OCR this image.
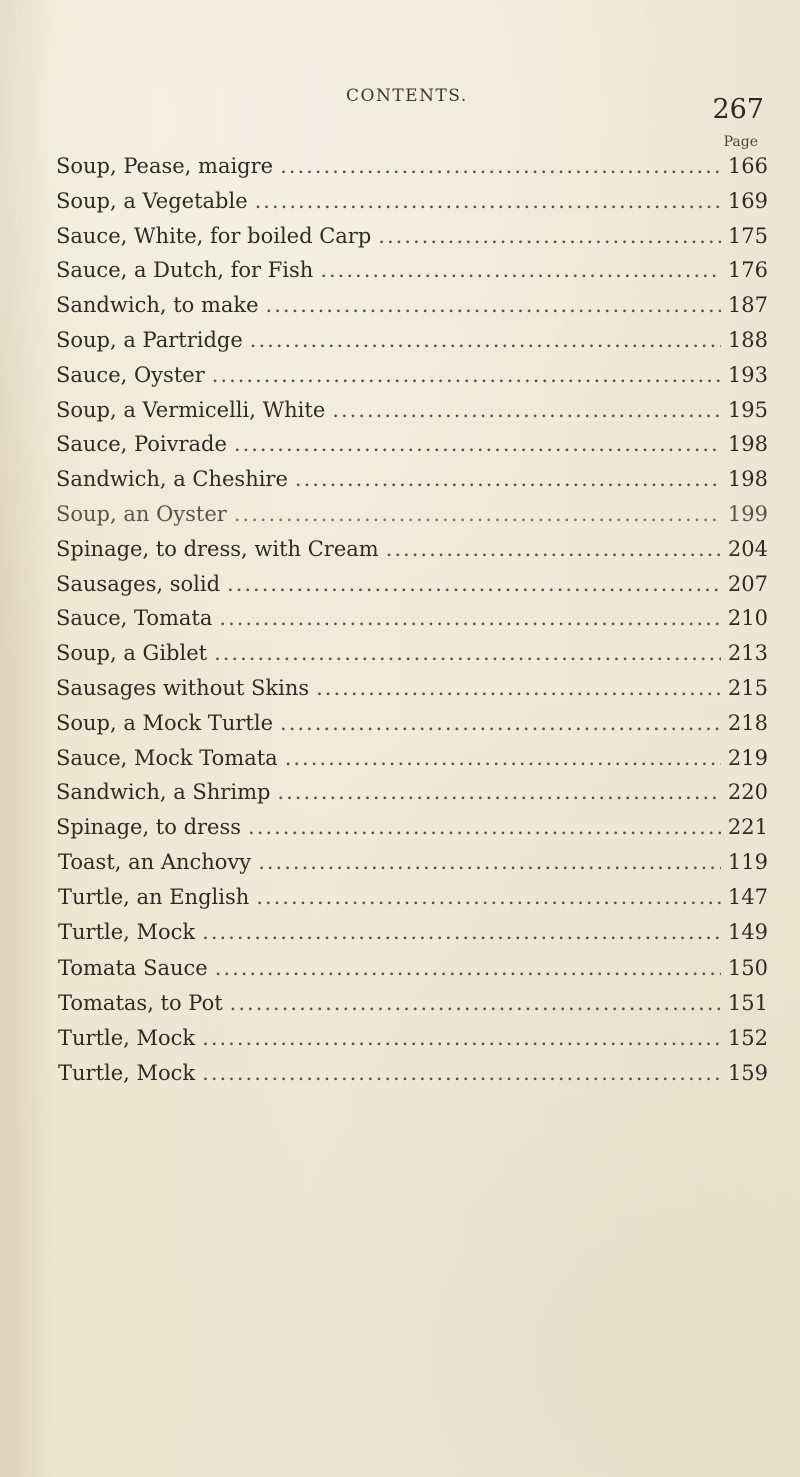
CONTENTS.	267
Page
Soup, Pease, maigre .....	166
Soup, a Vegetable .....	169
Sauce, White, for boiled Carp .....	175
Sauce, a Dutch, for Fish .....	176
Sandwich, to make .....	187
Soup, a Partridge .....	188
Sauce, Oyster .....	193
Soup, a Vermicelli, White .....	195
Sauce, Poivrade .....	198
Sandwich, a Cheshire .....	198
Soup, an Oyster .....	199
Spinage, to dress, with Cream .....	204
Sausages, solid .....	207
Sauce, Tomata .....	210
Soup, a Giblet .....	213
Sausages without Skins .....	215
Soup, a Mock Turtle .....	218
Sauce, Mock Tomata .....	219
Sandwich, a Shrimp .....	220
Spinage, to dress .....	221
Toast, an Anchovy .....	119
Turtle, an English .....	147
Turtle, Mock .....	149
Tomata Sauce .....	150
Tomatas, to Pot .....	151
Turtle, Mock .....	152
Turtle, Mock .....	159
